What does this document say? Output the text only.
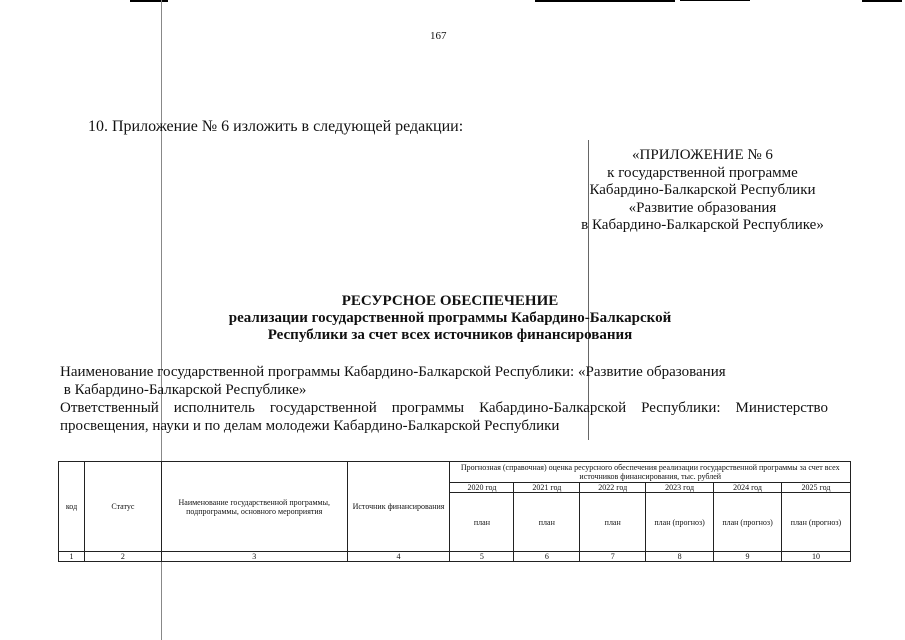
167
10. Приложение № 6 изложить в следующей редакции:
«ПРИЛОЖЕНИЕ № 6
к государственной программе
Кабардино-Балкарской Республики
«Развитие образования
в Кабардино-Балкарской Республике»
РЕСУРСНОЕ ОБЕСПЕЧЕНИЕ
реализации государственной программы Кабардино-Балкарской
Республики за счет всех источников финансирования
Наименование государственной программы Кабардино-Балкарской Республики: «Развитие образования
в Кабардино-Балкарской Республике»
Ответственный исполнитель государственной программы Кабардино-Балкарской Республики: Министерство
просвещения, науки и по делам молодежи Кабардино-Балкарской Республики
код	Статус	Наименование государственной программы, подпрограммы, основного мероприятия	Источник финансирования	Прогнозная (справочная) оценка ресурсного обеспечения реализации государственной программы за счет всех источников финансирования, тыс. рублей					
				2020 год	2021 год	2022 год	2023 год	2024 год	2025 год
				план	план	план	план (прогноз)	план (прогноз)	план (прогноз)
1	2	3	4	5	6	7	8	9	10
